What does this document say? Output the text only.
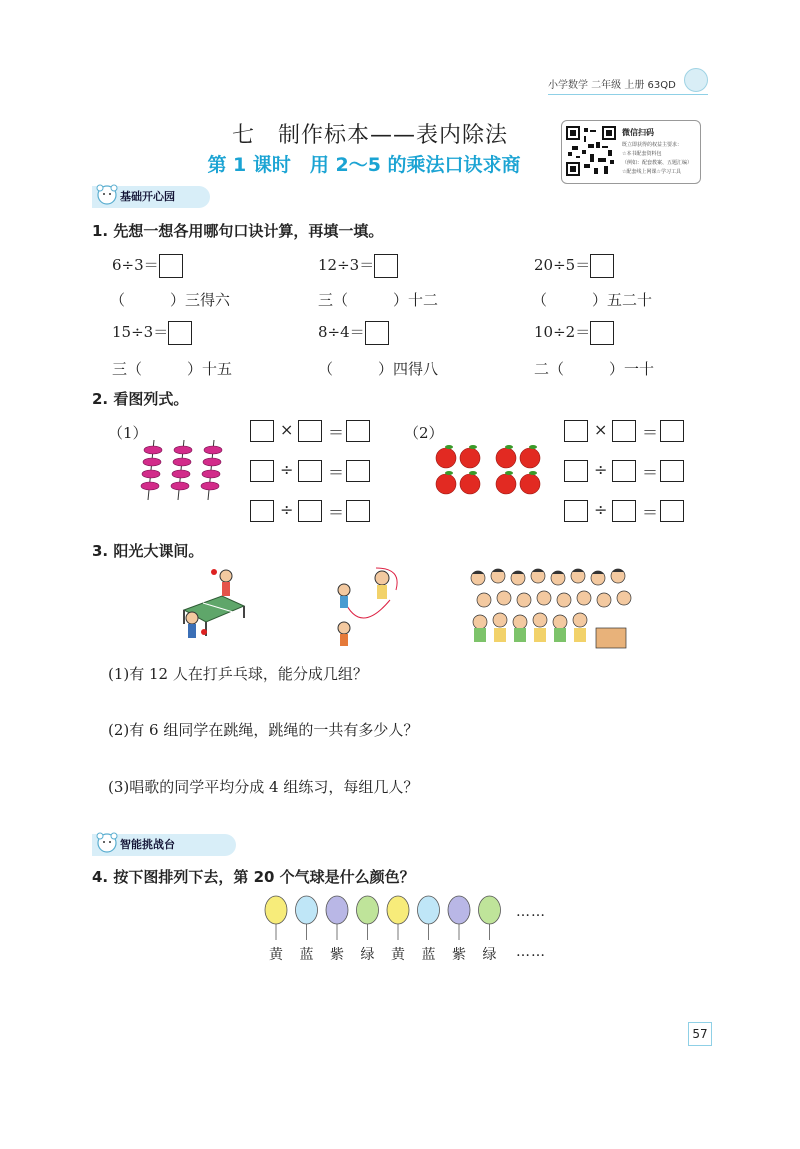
小学数学 二年级 上册 63QD
七　制作标本——表内除法
第 1 课时　用 2～5 的乘法口诀求商
微信扫码
既立即获得的权益主要求：
☆本书配套资料包
（例如：配套教案、五题汇编）
☆配套线上网课☆学习工具
基础开心园
1. 先想一想各用哪句口诀计算，再填一填。
6÷3＝	12÷3＝	20÷5＝
（　　　）三得六	三（　　　）十二	（　　　）五二十
15÷3＝	8÷4＝	10÷2＝
三（　　　）十五	（　　　）四得八	二（　　　）一十
2. 看图列式。
（1）	（2）
× ＝
÷ ＝
÷ ＝
× ＝
÷ ＝
÷ ＝
3. 阳光大课间。
(1)有 12 人在打乒乓球，能分成几组？
(2)有 6 组同学在跳绳，跳绳的一共有多少人？
(3)唱歌的同学平均分成 4 组练习，每组几人？
智能挑战台
4. 按下图排列下去，第 20 个气球是什么颜色？
……
黄 蓝 紫 绿 黄 蓝 紫 绿 ……
57
